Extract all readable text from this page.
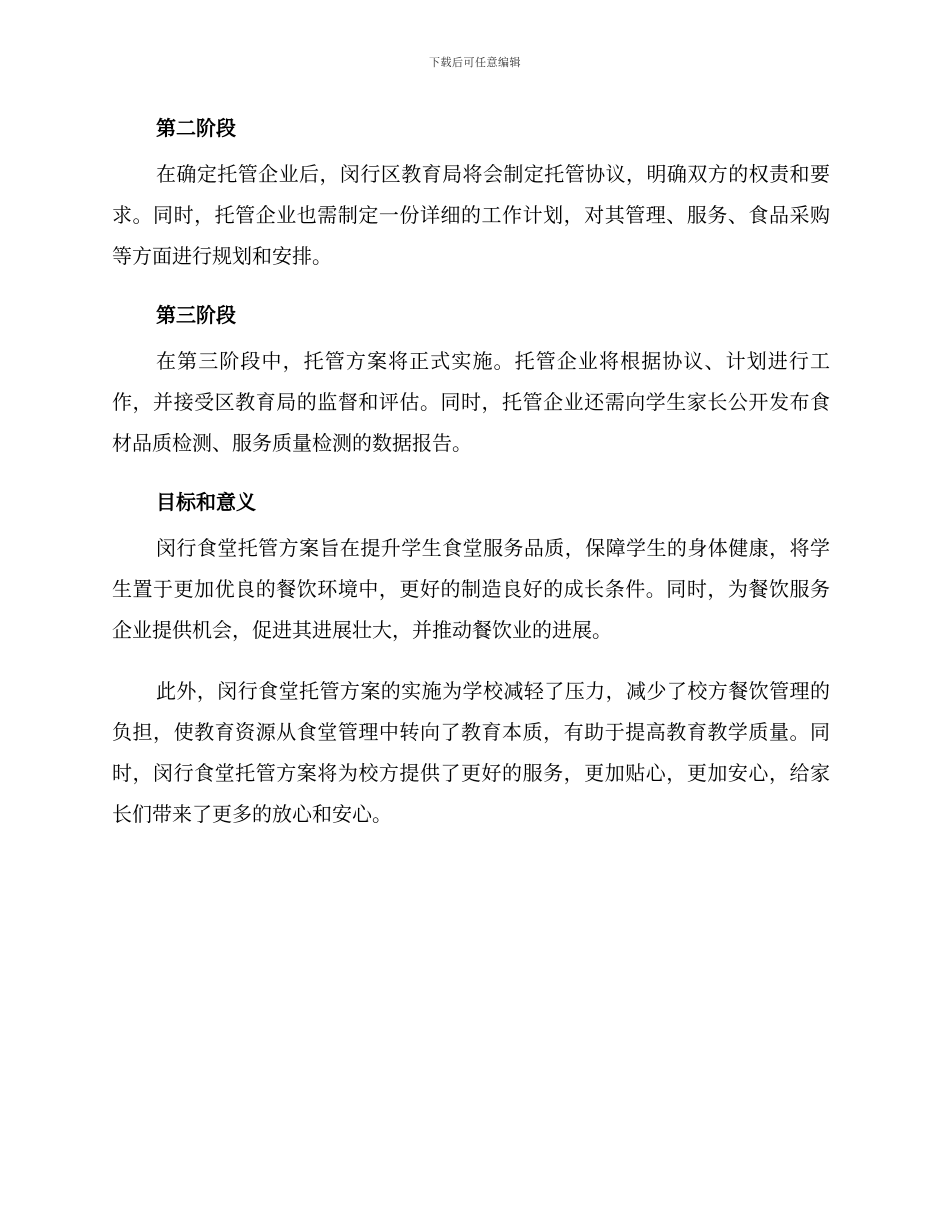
下载后可任意编辑
第二阶段

在确定托管企业后，闵行区教育局将会制定托管协议，明确双方的权责和要求。同时，托管企业也需制定一份详细的工作计划，对其管理、服务、食品采购等方面进行规划和安排。

第三阶段

在第三阶段中，托管方案将正式实施。托管企业将根据协议、计划进行工作，并接受区教育局的监督和评估。同时，托管企业还需向学生家长公开发布食材品质检测、服务质量检测的数据报告。

目标和意义

闵行食堂托管方案旨在提升学生食堂服务品质，保障学生的身体健康，将学生置于更加优良的餐饮环境中，更好的制造良好的成长条件。同时，为餐饮服务企业提供机会，促进其进展壮大，并推动餐饮业的进展。

此外，闵行食堂托管方案的实施为学校减轻了压力，减少了校方餐饮管理的负担，使教育资源从食堂管理中转向了教育本质，有助于提高教育教学质量。同时，闵行食堂托管方案将为校方提供了更好的服务，更加贴心，更加安心，给家长们带来了更多的放心和安心。
